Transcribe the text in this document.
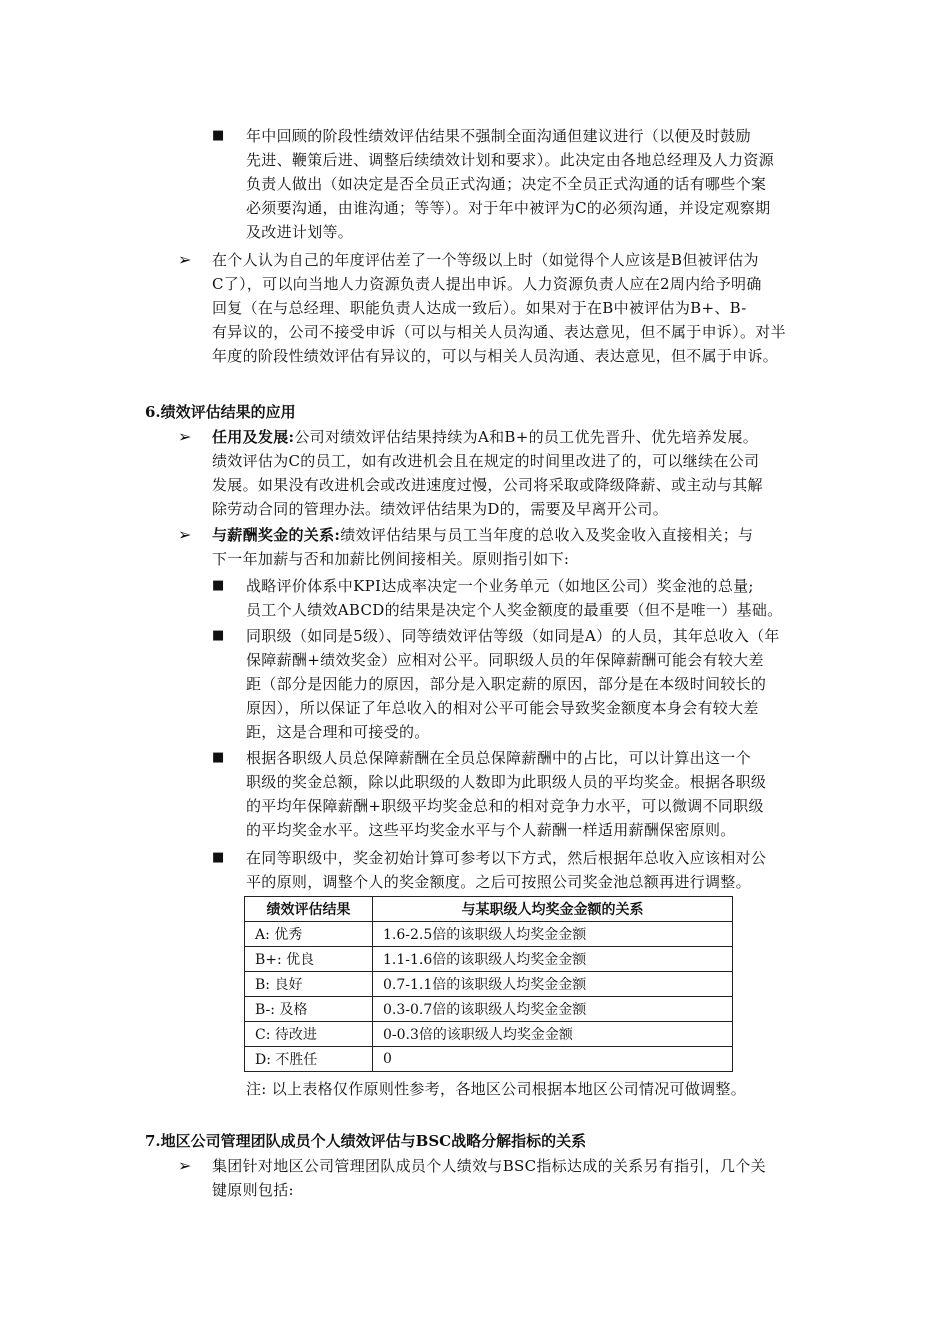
■ 年中回顾的阶段性绩效评估结果不强制全面沟通但建议进行（以便及时鼓励
先进、鞭策后进、调整后续绩效计划和要求）。此决定由各地总经理及人力资源
负责人做出（如决定是否全员正式沟通；决定不全员正式沟通的话有哪些个案
必须要沟通，由谁沟通；等等）。对于年中被评为C的必须沟通，并设定观察期
及改进计划等。
➢ 在个人认为自己的年度评估差了一个等级以上时（如觉得个人应该是B但被评估为
C了），可以向当地人力资源负责人提出申诉。人力资源负责人应在2周内给予明确
回复（在与总经理、职能负责人达成一致后）。如果对于在B中被评估为B+、B-
有异议的，公司不接受申诉（可以与相关人员沟通、表达意见，但不属于申诉）。对半
年度的阶段性绩效评估有异议的，可以与相关人员沟通、表达意见，但不属于申诉。
6.绩效评估结果的应用
➢ 任用及发展:公司对绩效评估结果持续为A和B+的员工优先晋升、优先培养发展。
绩效评估为C的员工，如有改进机会且在规定的时间里改进了的，可以继续在公司
发展。如果没有改进机会或改进速度过慢，公司将采取或降级降薪、或主动与其解
除劳动合同的管理办法。绩效评估结果为D的，需要及早离开公司。
➢ 与薪酬奖金的关系:绩效评估结果与员工当年度的总收入及奖金收入直接相关；与
下一年加薪与否和加薪比例间接相关。原则指引如下:
■ 战略评价体系中KPI达成率决定一个业务单元（如地区公司）奖金池的总量;
员工个人绩效ABCD的结果是决定个人奖金额度的最重要（但不是唯一）基础。
■ 同职级（如同是5级）、同等绩效评估等级（如同是A）的人员，其年总收入（年
保障薪酬+绩效奖金）应相对公平。同职级人员的年保障薪酬可能会有较大差
距（部分是因能力的原因，部分是入职定薪的原因，部分是在本级时间较长的
原因），所以保证了年总收入的相对公平可能会导致奖金额度本身会有较大差
距，这是合理和可接受的。
■ 根据各职级人员总保障薪酬在全员总保障薪酬中的占比，可以计算出这一个
职级的奖金总额，除以此职级的人数即为此职级人员的平均奖金。根据各职级
的平均年保障薪酬+职级平均奖金总和的相对竞争力水平，可以微调不同职级
的平均奖金水平。这些平均奖金水平与个人薪酬一样适用薪酬保密原则。
■ 在同等职级中，奖金初始计算可参考以下方式，然后根据年总收入应该相对公
平的原则，调整个人的奖金额度。之后可按照公司奖金池总额再进行调整。
绩效评估结果	与某职级人均奖金金额的关系
A: 优秀	1.6-2.5倍的该职级人均奖金金额
B+: 优良	1.1-1.6倍的该职级人均奖金金额
B: 良好	0.7-1.1倍的该职级人均奖金金额
B-: 及格	0.3-0.7倍的该职级人均奖金金额
C: 待改进	0-0.3倍的该职级人均奖金金额
D: 不胜任	0
注: 以上表格仅作原则性参考，各地区公司根据本地区公司情况可做调整。
7.地区公司管理团队成员个人绩效评估与BSC战略分解指标的关系
➢ 集团针对地区公司管理团队成员个人绩效与BSC指标达成的关系另有指引，几个关
键原则包括:
